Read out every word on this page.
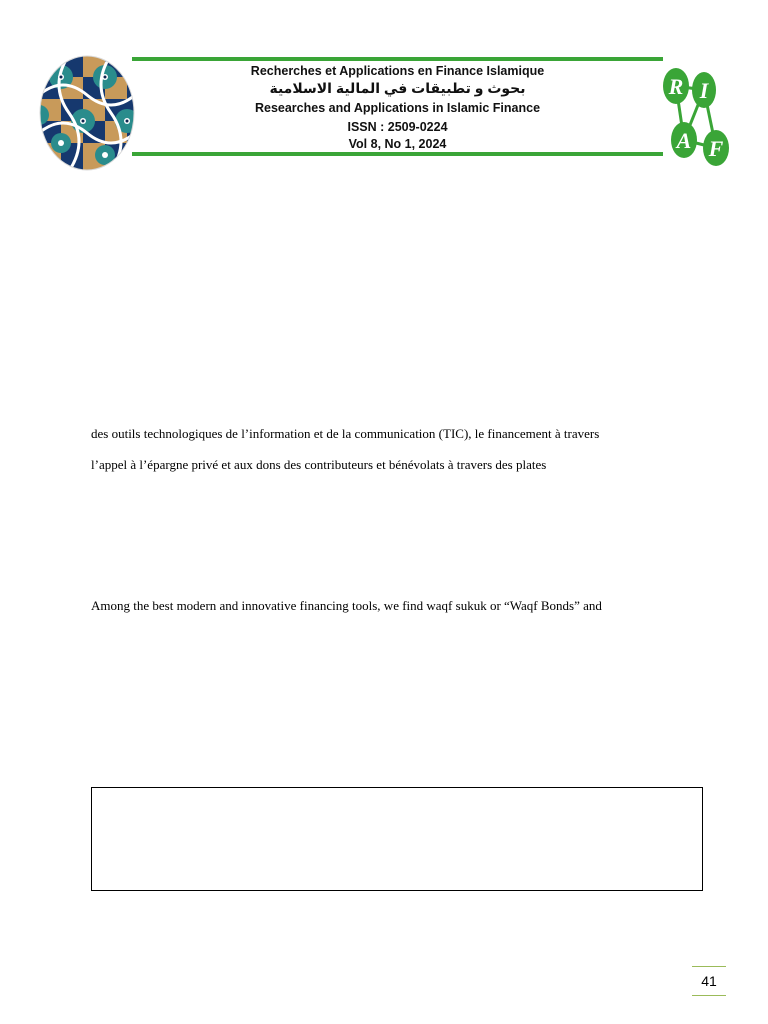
Recherches et Applications en Finance Islamique
بحوث و تطبيقات في المالية الاسلامية
Researches and Applications in Islamic Finance
ISSN : 2509-0224
Vol 8, No 1, 2024
R I
A F
des outils technologiques de l’information et de la communication (TIC), le financement à travers
l’appel à l’épargne privé et aux dons des contributeurs et bénévolats à travers des plates
Among the best modern and innovative financing tools, we find waqf sukuk or “Waqf Bonds” and
41
